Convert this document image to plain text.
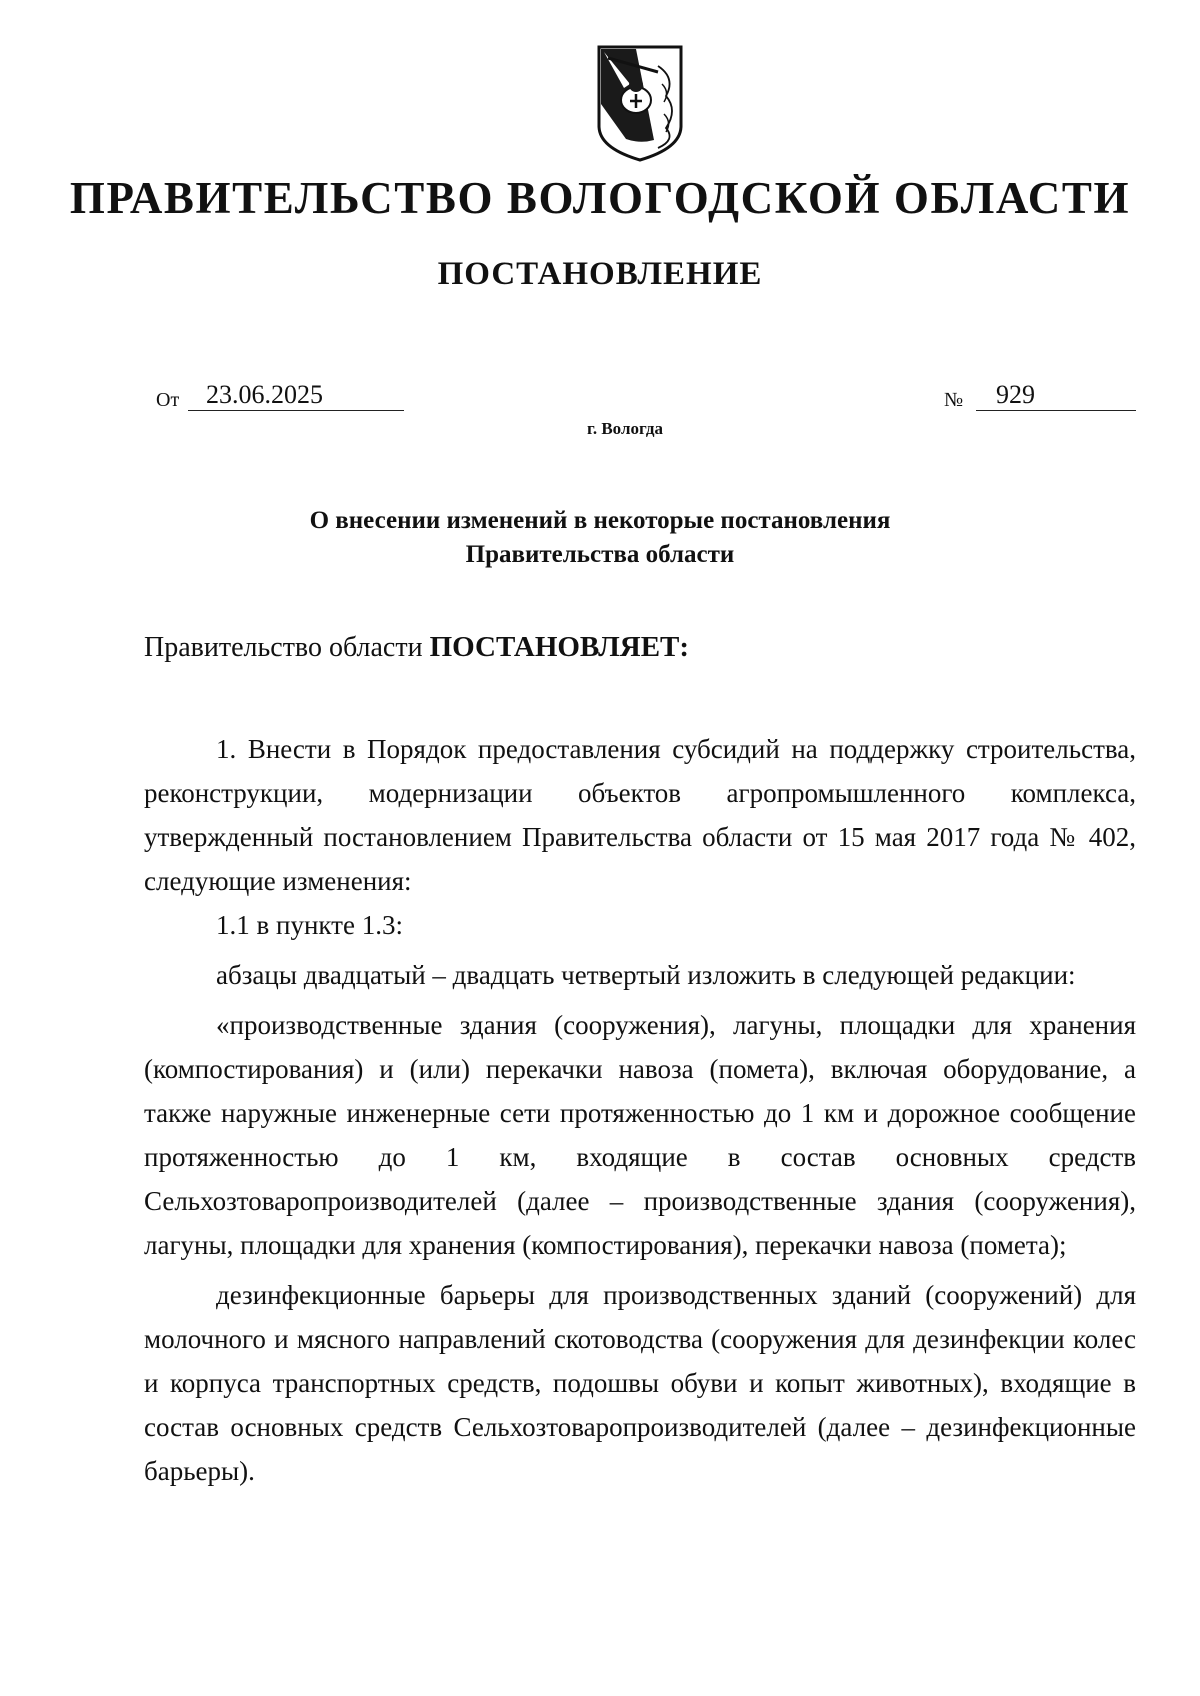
ПРАВИТЕЛЬСТВО ВОЛОГОДСКОЙ ОБЛАСТИ
ПОСТАНОВЛЕНИЕ
От	23.06.2025	№	929
г. Вологда
О внесении изменений в некоторые постановления
Правительства области
Правительство области ПОСТАНОВЛЯЕТ:

1. Внести в Порядок предоставления субсидий на поддержку строительства, реконструкции, модернизации объектов агропромышленного комплекса, утвержденный постановлением Правительства области от 15 мая 2017 года № 402, следующие изменения:

1.1 в пункте 1.3:

абзацы двадцатый – двадцать четвертый изложить в следующей редакции:

«производственные здания (сооружения), лагуны, площадки для хранения (компостирования) и (или) перекачки навоза (помета), включая оборудование, а также наружные инженерные сети протяженностью до 1 км и дорожное сообщение протяженностью до 1 км, входящие в состав основных средств Сельхозтоваропроизводителей (далее – производственные здания (сооружения), лагуны, площадки для хранения (компостирования), перекачки навоза (помета);

дезинфекционные барьеры для производственных зданий (сооружений) для молочного и мясного направлений скотоводства (сооружения для дезинфекции колес и корпуса транспортных средств, подошвы обуви и копыт животных), входящие в состав основных средств Сельхозтоваропроизводителей (далее – дезинфекционные барьеры).
